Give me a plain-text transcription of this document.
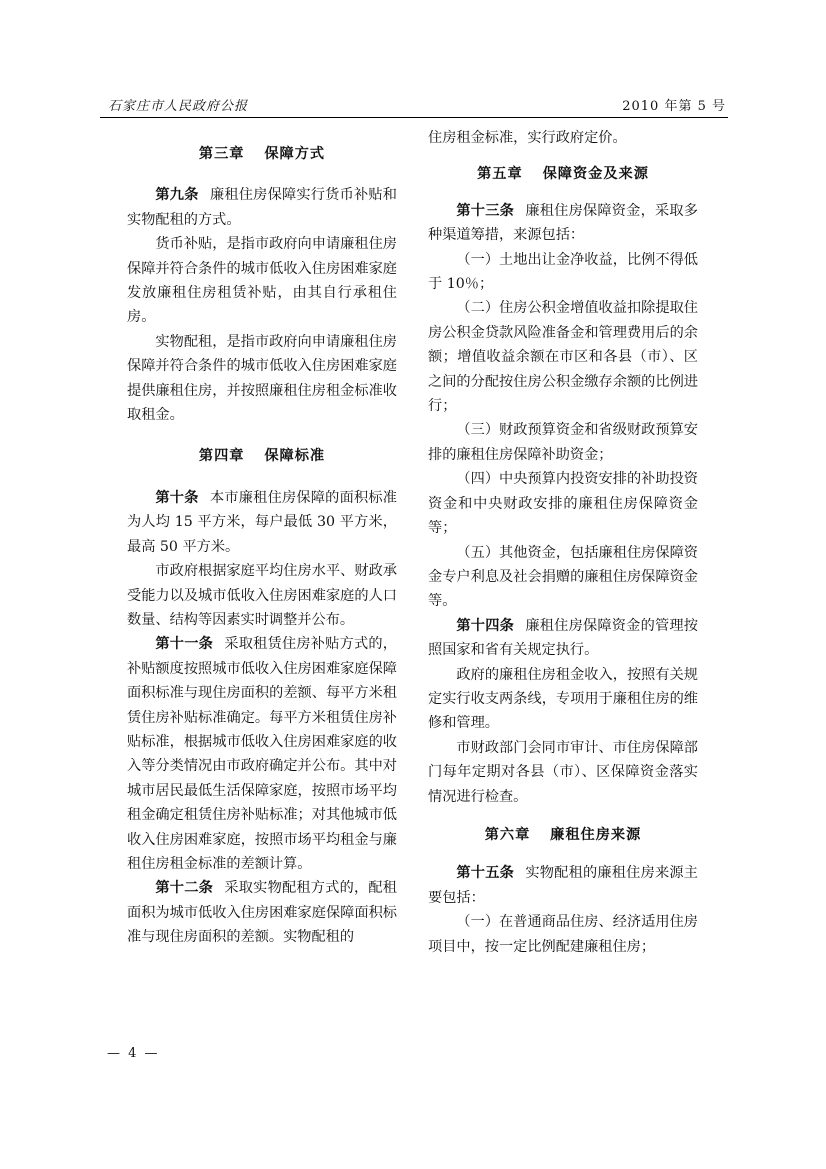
石家庄市人民政府公报	2010 年第 5 号
第三章 保障方式

第九条 廉租住房保障实行货币补贴和实物配租的方式。

货币补贴，是指市政府向申请廉租住房保障并符合条件的城市低收入住房困难家庭发放廉租住房租赁补贴，由其自行承租住房。

实物配租，是指市政府向申请廉租住房保障并符合条件的城市低收入住房困难家庭提供廉租住房，并按照廉租住房租金标准收取租金。

第四章 保障标准

第十条 本市廉租住房保障的面积标准为人均 15 平方米，每户最低 30 平方米，最高 50 平方米。

市政府根据家庭平均住房水平、财政承受能力以及城市低收入住房困难家庭的人口数量、结构等因素实时调整并公布。

第十一条 采取租赁住房补贴方式的，补贴额度按照城市低收入住房困难家庭保障面积标准与现住房面积的差额、每平方米租赁住房补贴标准确定。每平方米租赁住房补贴标准，根据城市低收入住房困难家庭的收入等分类情况由市政府确定并公布。其中对城市居民最低生活保障家庭，按照市场平均租金确定租赁住房补贴标准；对其他城市低收入住房困难家庭，按照市场平均租金与廉租住房租金标准的差额计算。

第十二条 采取实物配租方式的，配租面积为城市低收入住房困难家庭保障面积标准与现住房面积的差额。实物配租的

住房租金标准，实行政府定价。

第五章 保障资金及来源

第十三条 廉租住房保障资金，采取多种渠道筹措，来源包括：

（一）土地出让金净收益，比例不得低于 10％；

（二）住房公积金增值收益扣除提取住房公积金贷款风险准备金和管理费用后的余额；增值收益余额在市区和各县（市）、区之间的分配按住房公积金缴存余额的比例进行；

（三）财政预算资金和省级财政预算安排的廉租住房保障补助资金；

（四）中央预算内投资安排的补助投资资金和中央财政安排的廉租住房保障资金等；

（五）其他资金，包括廉租住房保障资金专户利息及社会捐赠的廉租住房保障资金等。

第十四条 廉租住房保障资金的管理按照国家和省有关规定执行。

政府的廉租住房租金收入，按照有关规定实行收支两条线，专项用于廉租住房的维修和管理。

市财政部门会同市审计、市住房保障部门每年定期对各县（市）、区保障资金落实情况进行检查。

第六章 廉租住房来源

第十五条 实物配租的廉租住房来源主要包括：

（一）在普通商品住房、经济适用住房项目中，按一定比例配建廉租住房；

— 4 —
